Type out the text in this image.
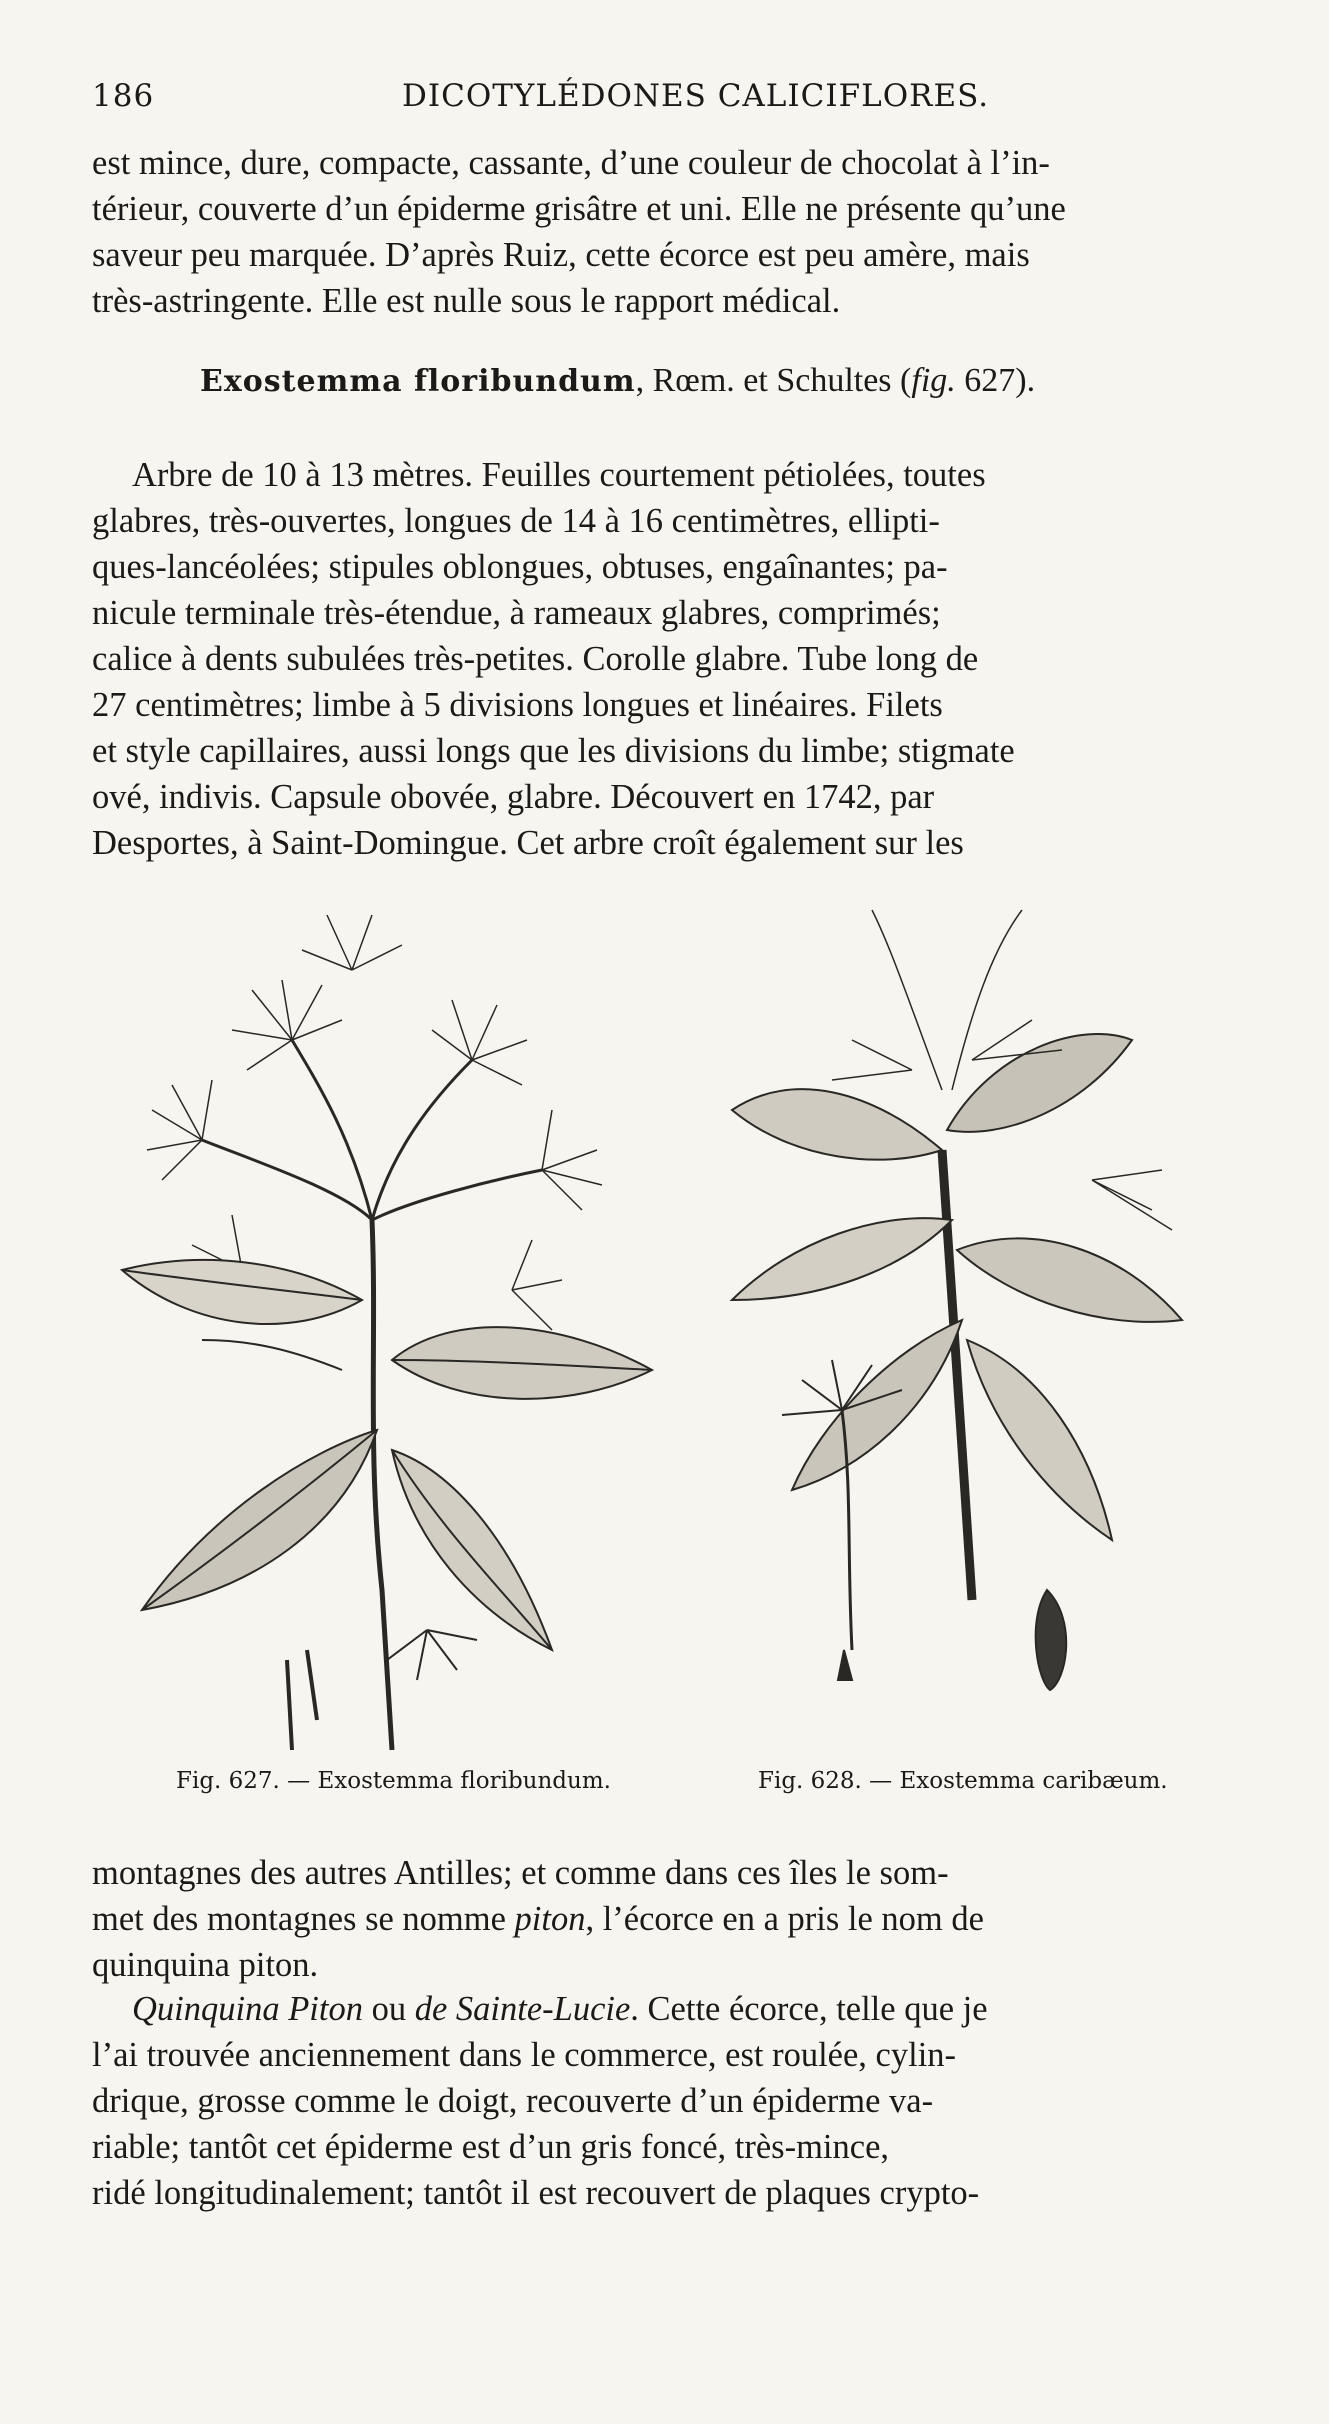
186	DICOTYLÉDONES CALICIFLORES.

est mince, dure, compacte, cassante, d’une couleur de chocolat à l’in-

térieur, couverte d’un épiderme grisâtre et uni. Elle ne présente qu’une

saveur peu marquée. D’après Ruiz, cette écorce est peu amère, mais

très-astringente. Elle est nulle sous le rapport médical.

Exostemma floribundum, Rœm. et Schultes (fig. 627).

Arbre de 10 à 13 mètres. Feuilles courtement pétiolées, toutes

glabres, très-ouvertes, longues de 14 à 16 centimètres, ellipti-

ques-lancéolées; stipules oblongues, obtuses, engaînantes; pa-

nicule terminale très-étendue, à rameaux glabres, comprimés;

calice à dents subulées très-petites. Corolle glabre. Tube long de

27 centimètres; limbe à 5 divisions longues et linéaires. Filets

et style capillaires, aussi longs que les divisions du limbe; stigmate

ové, indivis. Capsule obovée, glabre. Découvert en 1742, par

Desportes, à Saint-Domingue. Cet arbre croît également sur les

Fig. 627. — Exostemma floribundum.	Fig. 628. — Exostemma caribæum.

montagnes des autres Antilles; et comme dans ces îles le som-

met des montagnes se nomme piton, l’écorce en a pris le nom de

quinquina piton.

Quinquina Piton ou de Sainte-Lucie. Cette écorce, telle que je

l’ai trouvée anciennement dans le commerce, est roulée, cylin-

drique, grosse comme le doigt, recouverte d’un épiderme va-

riable; tantôt cet épiderme est d’un gris foncé, très-mince,

ridé longitudinalement; tantôt il est recouvert de plaques crypto-
